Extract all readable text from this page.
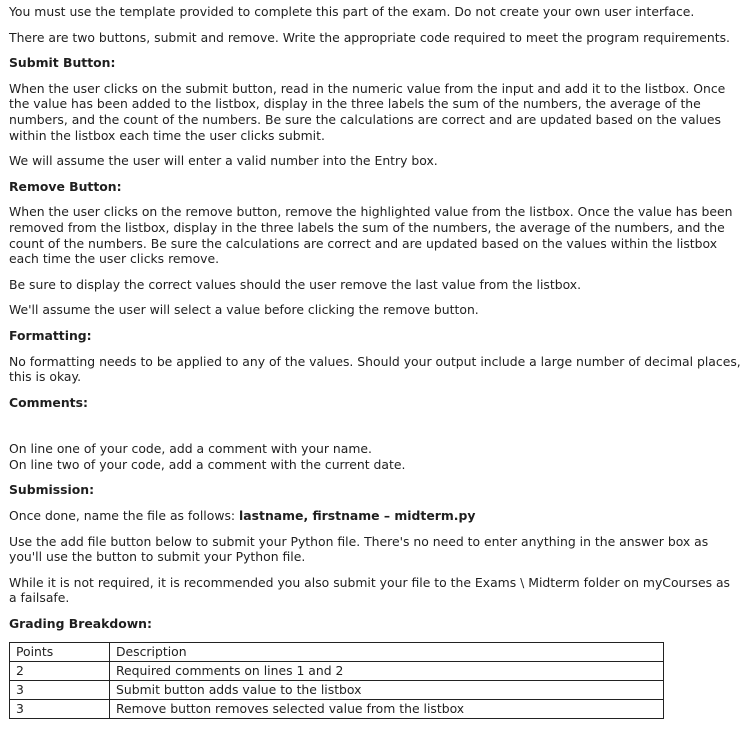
You must use the template provided to complete this part of the exam. Do not create your own user interface.

There are two buttons, submit and remove. Write the appropriate code required to meet the program requirements.

Submit Button:

When the user clicks on the submit button, read in the numeric value from the input and add it to the listbox. Once the value has been added to the listbox, display in the three labels the sum of the numbers, the average of the numbers, and the count of the numbers. Be sure the calculations are correct and are updated based on the values within the listbox each time the user clicks submit.

We will assume the user will enter a valid number into the Entry box.

Remove Button:

When the user clicks on the remove button, remove the highlighted value from the listbox. Once the value has been removed from the listbox, display in the three labels the sum of the numbers, the average of the numbers, and the count of the numbers. Be sure the calculations are correct and are updated based on the values within the listbox each time the user clicks remove.

Be sure to display the correct values should the user remove the last value from the listbox.

We'll assume the user will select a value before clicking the remove button.

Formatting:

No formatting needs to be applied to any of the values. Should your output include a large number of decimal places, this is okay.

Comments:

On line one of your code, add a comment with your name.

On line two of your code, add a comment with the current date.

Submission:

Once done, name the file as follows: lastname, firstname – midterm.py

Use the add file button below to submit your Python file. There's no need to enter anything in the answer box as you'll use the button to submit your Python file.

While it is not required, it is recommended you also submit your file to the Exams \ Midterm folder on myCourses as a failsafe.

Grading Breakdown:

Points	Description
2	Required comments on lines 1 and 2
3	Submit button adds value to the listbox
3	Remove button removes selected value from the listbox
